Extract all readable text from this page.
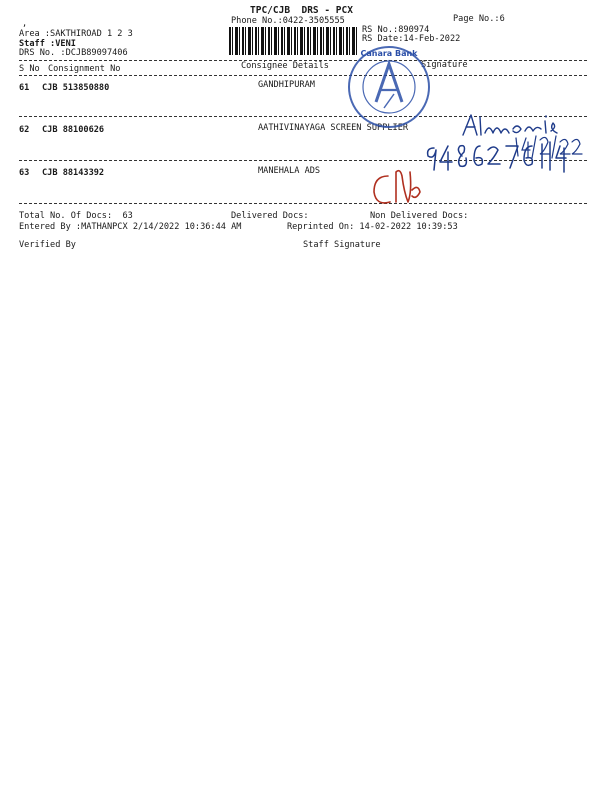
,
TPC/CJB  DRS - PCX
Phone No.:0422-3505555	Page No.:6
Area :SAKTHIROAD 1 2 3
Staff :VENI
DRS No. :DCJB89097406
RS No.:890974
RS Date:14-Feb-2022
S No Consignment No	Consignee Details	Signature
61 CJB 513850880	GANDHIPURAM
62 CJB 88100626	AATHIVINAYAGA SCREEN SUPPLIER
63 CJB 88143392	MANEHALA ADS
Total No. Of Docs:  63	Delivered Docs:	Non Delivered Docs:
Entered By :MATHANPCX 2/14/2022 10:36:44 AM	Reprinted On: 14-02-2022 10:39:53
Verified By	Staff Signature
Canara Bank
